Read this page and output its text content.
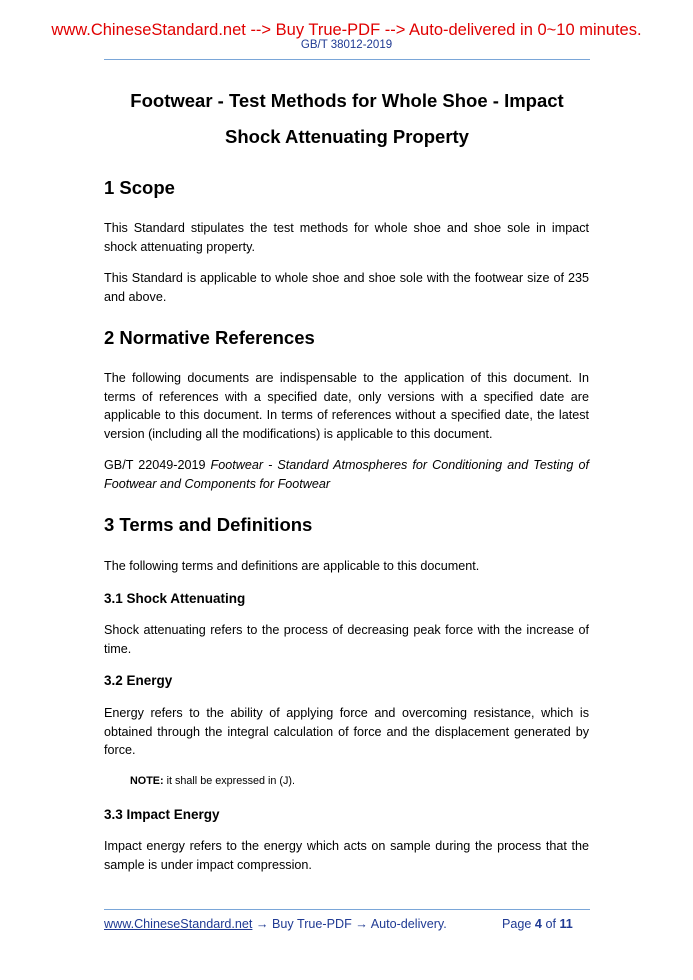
www.ChineseStandard.net --> Buy True-PDF --> Auto-delivered in 0~10 minutes.
GB/T 38012-2019
Footwear - Test Methods for Whole Shoe - Impact
Shock Attenuating Property
1 Scope

This Standard stipulates the test methods for whole shoe and shoe sole in impact shock attenuating property.

This Standard is applicable to whole shoe and shoe sole with the footwear size of 235 and above.

2 Normative References

The following documents are indispensable to the application of this document. In terms of references with a specified date, only versions with a specified date are applicable to this document. In terms of references without a specified date, the latest version (including all the modifications) is applicable to this document.

GB/T 22049-2019 Footwear - Standard Atmospheres for Conditioning and Testing of Footwear and Components for Footwear

3 Terms and Definitions

The following terms and definitions are applicable to this document.

3.1 Shock Attenuating

Shock attenuating refers to the process of decreasing peak force with the increase of time.

3.2 Energy

Energy refers to the ability of applying force and overcoming resistance, which is obtained through the integral calculation of force and the displacement generated by force.

NOTE: it shall be expressed in (J).
3.3 Impact Energy

Impact energy refers to the energy which acts on sample during the process that the sample is under impact compression.

www.ChineseStandard.net → Buy True-PDF → Auto-delivery.	Page 4 of 11
